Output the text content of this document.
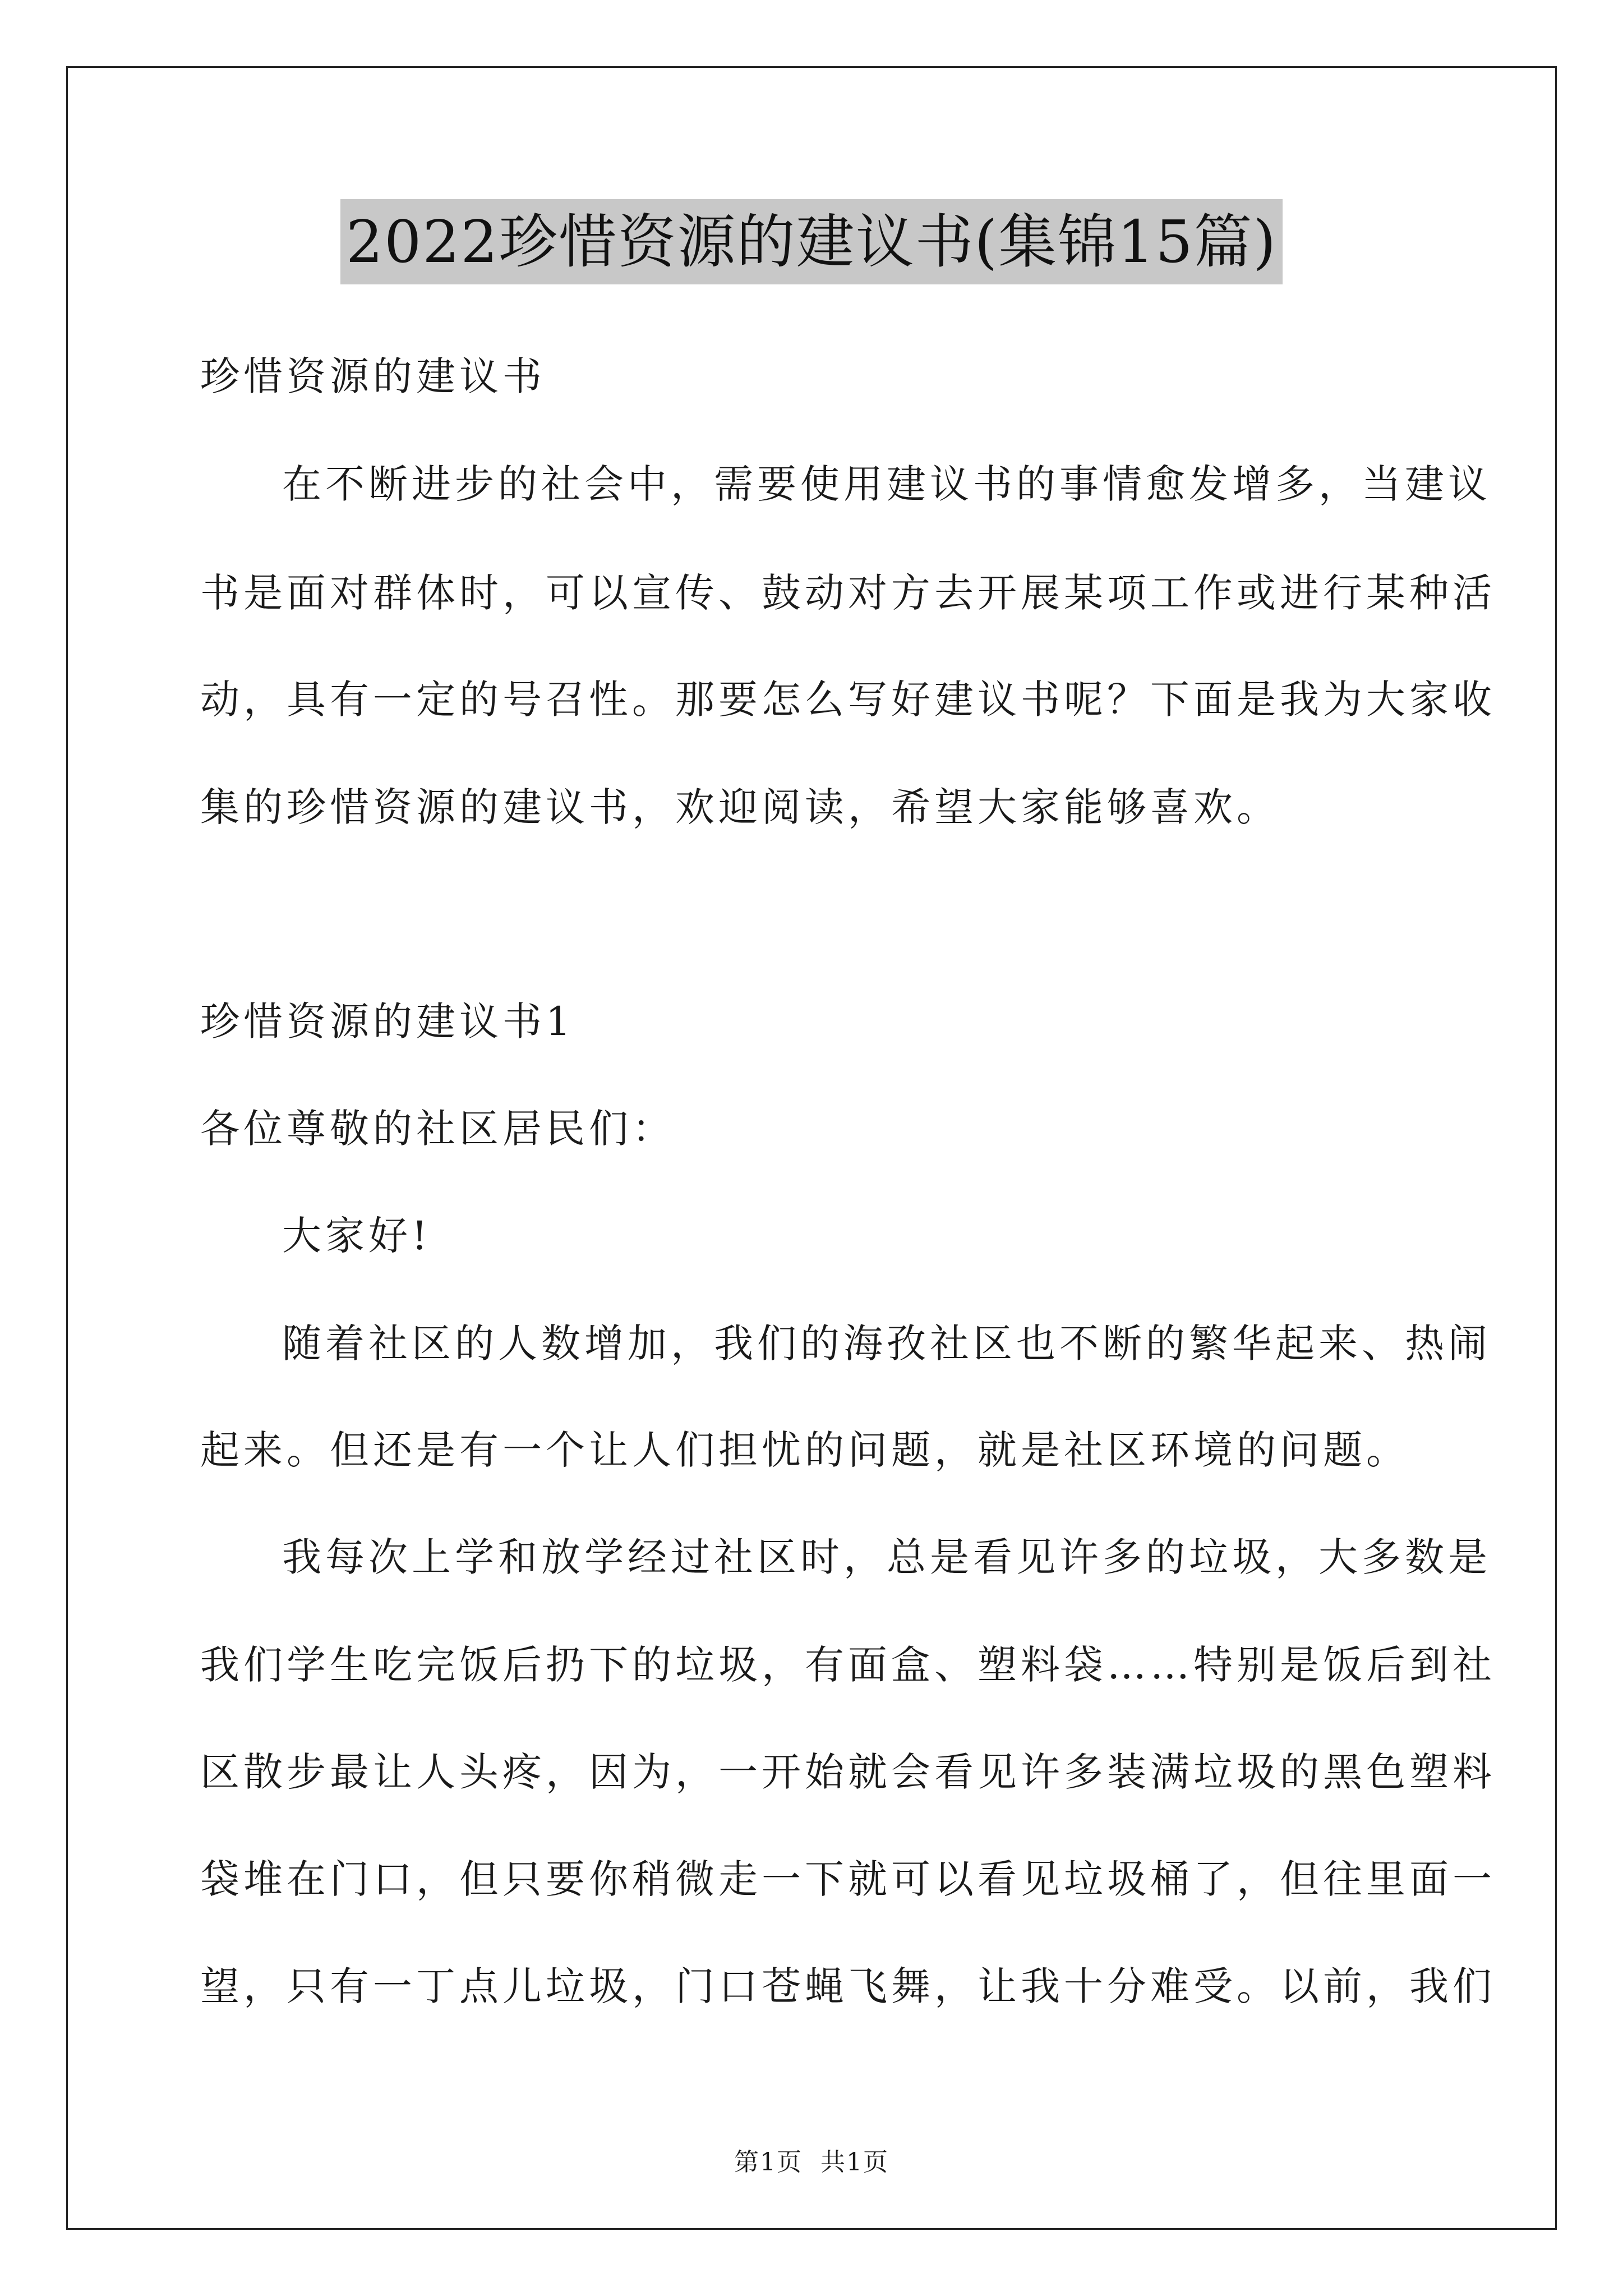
2022珍惜资源的建议书(集锦15篇)
珍惜资源的建议书
在不断进步的社会中，需要使用建议书的事情愈发增多，当建议
书是面对群体时，可以宣传、鼓动对方去开展某项工作或进行某种活
动，具有一定的号召性。那要怎么写好建议书呢？下面是我为大家收
集的珍惜资源的建议书，欢迎阅读，希望大家能够喜欢。
珍惜资源的建议书1
各位尊敬的社区居民们：
大家好!
随着社区的人数增加，我们的海孜社区也不断的繁华起来、热闹
起来。但还是有一个让人们担忧的问题，就是社区环境的问题。
我每次上学和放学经过社区时，总是看见许多的垃圾，大多数是
我们学生吃完饭后扔下的垃圾，有面盒、塑料袋……特别是饭后到社
区散步最让人头疼，因为，一开始就会看见许多装满垃圾的黑色塑料
袋堆在门口，但只要你稍微走一下就可以看见垃圾桶了，但往里面一
望，只有一丁点儿垃圾，门口苍蝇飞舞，让我十分难受。以前，我们
第1页 共1页
